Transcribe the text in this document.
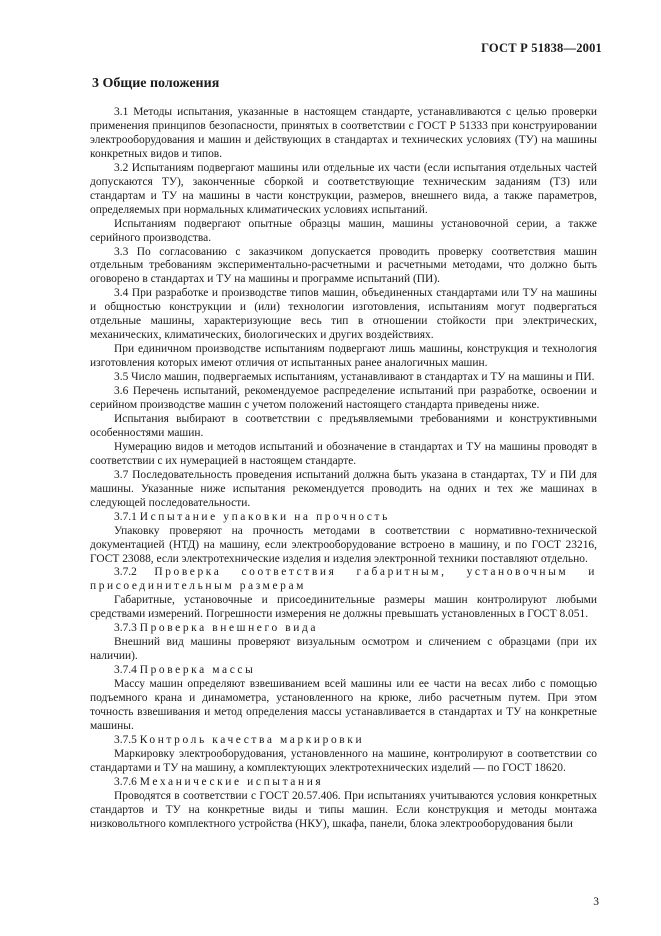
ГОСТ Р 51838—2001
3 Общие положения

3.1 Методы испытания, указанные в настоящем стандарте, устанавливаются с целью проверки применения принципов безопасности, принятых в соответствии с ГОСТ Р 51333 при конструировании электрооборудования и машин и действующих в стандартах и технических условиях (ТУ) на машины конкретных видов и типов.

3.2 Испытаниям подвергают машины или отдельные их части (если испытания отдельных частей допускаются ТУ), законченные сборкой и соответствующие техническим заданиям (ТЗ) или стандартам и ТУ на машины в части конструкции, размеров, внешнего вида, а также параметров, определяемых при нормальных климатических условиях испытаний.

Испытаниям подвергают опытные образцы машин, машины установочной серии, а также серийного производства.

3.3 По согласованию с заказчиком допускается проводить проверку соответствия машин отдельным требованиям экспериментально-расчетными и расчетными методами, что должно быть оговорено в стандартах и ТУ на машины и программе испытаний (ПИ).

3.4 При разработке и производстве типов машин, объединенных стандартами или ТУ на машины и общностью конструкции и (или) технологии изготовления, испытаниям могут подвергаться отдельные машины, характеризующие весь тип в отношении стойкости при электрических, механических, климатических, биологических и других воздействиях.

При единичном производстве испытаниям подвергают лишь машины, конструкция и технология изготовления которых имеют отличия от испытанных ранее аналогичных машин.

3.5 Число машин, подвергаемых испытаниям, устанавливают в стандартах и ТУ на машины и ПИ.

3.6 Перечень испытаний, рекомендуемое распределение испытаний при разработке, освоении и серийном производстве машин с учетом положений настоящего стандарта приведены ниже.

Испытания выбирают в соответствии с предъявляемыми требованиями и конструктивными особенностями машин.

Нумерацию видов и методов испытаний и обозначение в стандартах и ТУ на машины проводят в соответствии с их нумерацией в настоящем стандарте.

3.7 Последовательность проведения испытаний должна быть указана в стандартах, ТУ и ПИ для машины. Указанные ниже испытания рекомендуется проводить на одних и тех же машинах в следующей последовательности.

3.7.1 Испытание упаковки на прочность

Упаковку проверяют на прочность методами в соответствии с нормативно-технической документацией (НТД) на машину, если электрооборудование встроено в машину, и по ГОСТ 23216, ГОСТ 23088, если электротехнические изделия и изделия электронной техники поставляют отдельно.

3.7.2 Проверка соответствия габаритным, установочным и присоединительным размерам

Габаритные, установочные и присоединительные размеры машин контролируют любыми средствами измерений. Погрешности измерения не должны превышать установленных в ГОСТ 8.051.

3.7.3 Проверка внешнего вида

Внешний вид машины проверяют визуальным осмотром и сличением с образцами (при их наличии).

3.7.4 Проверка массы

Массу машин определяют взвешиванием всей машины или ее части на весах либо с помощью подъемного крана и динамометра, установленного на крюке, либо расчетным путем. При этом точность взвешивания и метод определения массы устанавливается в стандартах и ТУ на конкретные машины.

3.7.5 Контроль качества маркировки

Маркировку электрооборудования, установленного на машине, контролируют в соответствии со стандартами и ТУ на машину, а комплектующих электротехнических изделий — по ГОСТ 18620.

3.7.6 Механические испытания

Проводятся в соответствии с ГОСТ 20.57.406. При испытаниях учитываются условия конкретных стандартов и ТУ на конкретные виды и типы машин. Если конструкция и методы монтажа низковольтного комплектного устройства (НКУ), шкафа, панели, блока электрооборудования были

3
